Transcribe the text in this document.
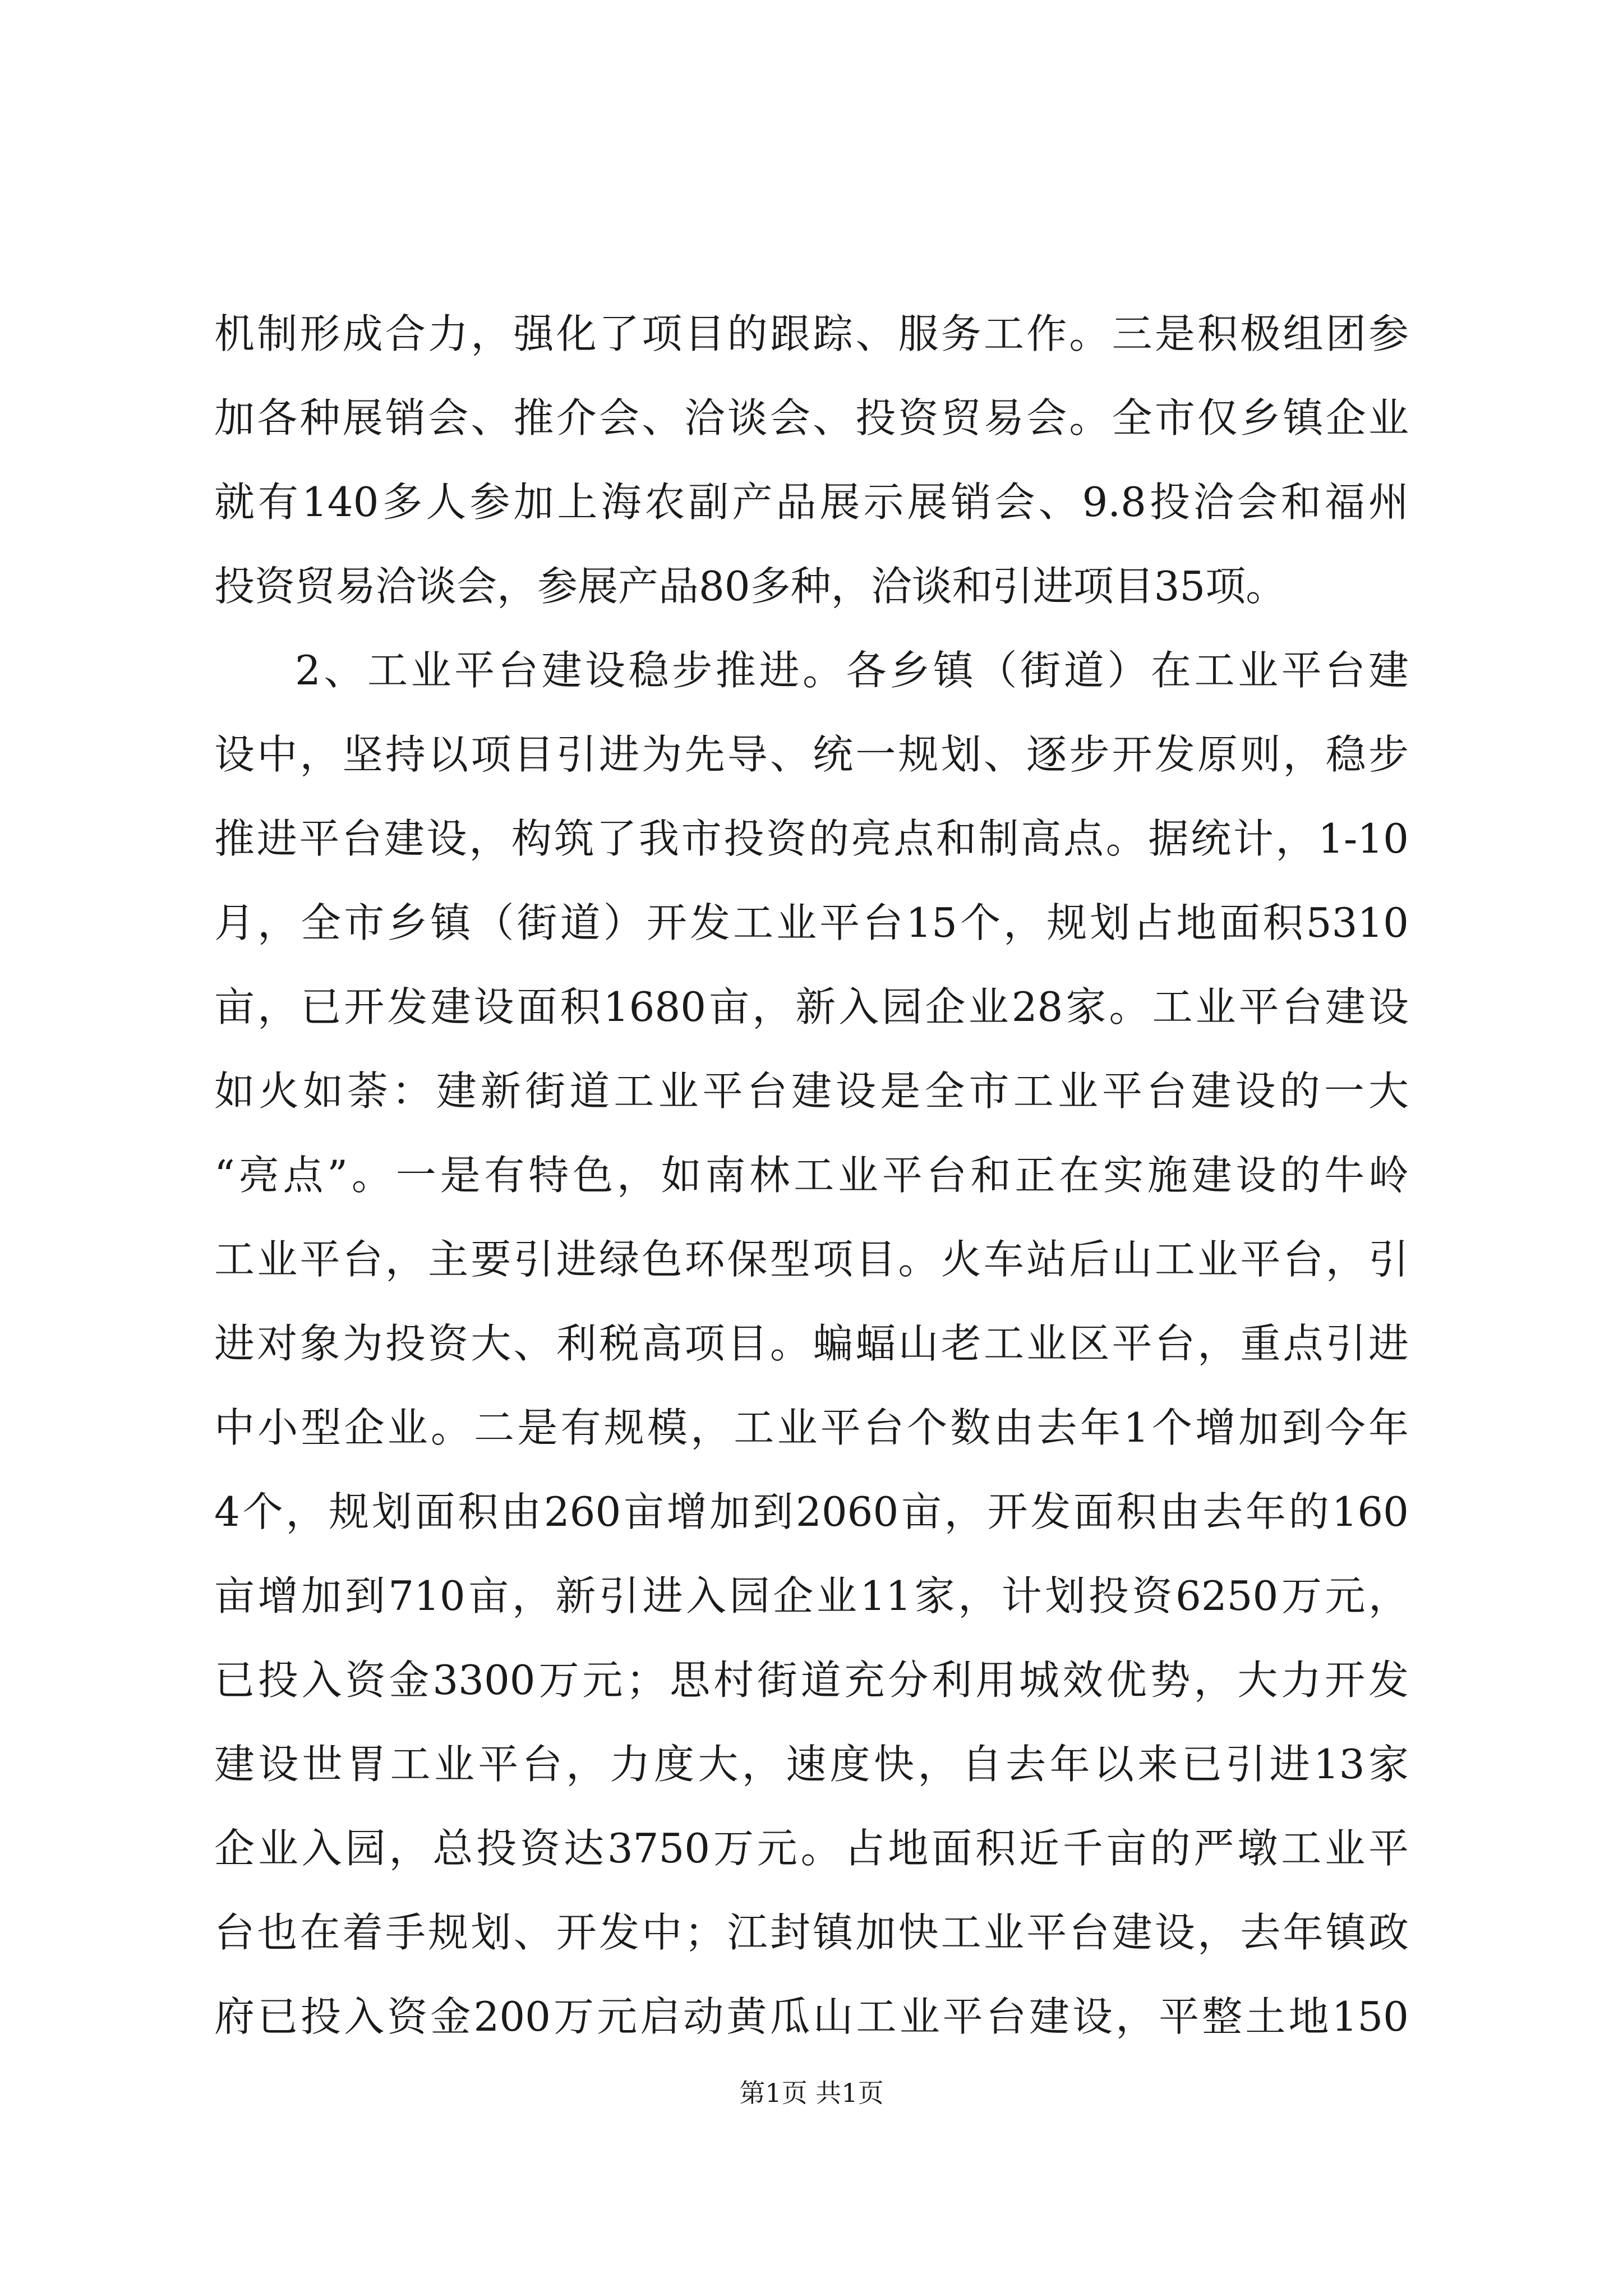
机制形成合力，强化了项目的跟踪、服务工作。三是积极组团参
加各种展销会、推介会、洽谈会、投资贸易会。全市仅乡镇企业
就有140多人参加上海农副产品展示展销会、9.8投洽会和福州
投资贸易洽谈会，参展产品80多种，洽谈和引进项目35项。
2、工业平台建设稳步推进。各乡镇（街道）在工业平台建
设中，坚持以项目引进为先导、统一规划、逐步开发原则，稳步
推进平台建设，构筑了我市投资的亮点和制高点。据统计，1-10
月，全市乡镇（街道）开发工业平台15个，规划占地面积5310
亩，已开发建设面积1680亩，新入园企业28家。工业平台建设
如火如荼：建新街道工业平台建设是全市工业平台建设的一大
“亮点”。一是有特色，如南林工业平台和正在实施建设的牛岭
工业平台，主要引进绿色环保型项目。火车站后山工业平台，引
进对象为投资大、利税高项目。蝙蝠山老工业区平台，重点引进
中小型企业。二是有规模，工业平台个数由去年1个增加到今年
4个，规划面积由260亩增加到2060亩，开发面积由去年的160
亩增加到710亩，新引进入园企业11家，计划投资6250万元，
已投入资金3300万元；思村街道充分利用城效优势，大力开发
建设世胃工业平台，力度大，速度快，自去年以来已引进13家
企业入园，总投资达3750万元。占地面积近千亩的严墩工业平
台也在着手规划、开发中；江封镇加快工业平台建设，去年镇政
府已投入资金200万元启动黄瓜山工业平台建设，平整土地150
第1页 共1页
